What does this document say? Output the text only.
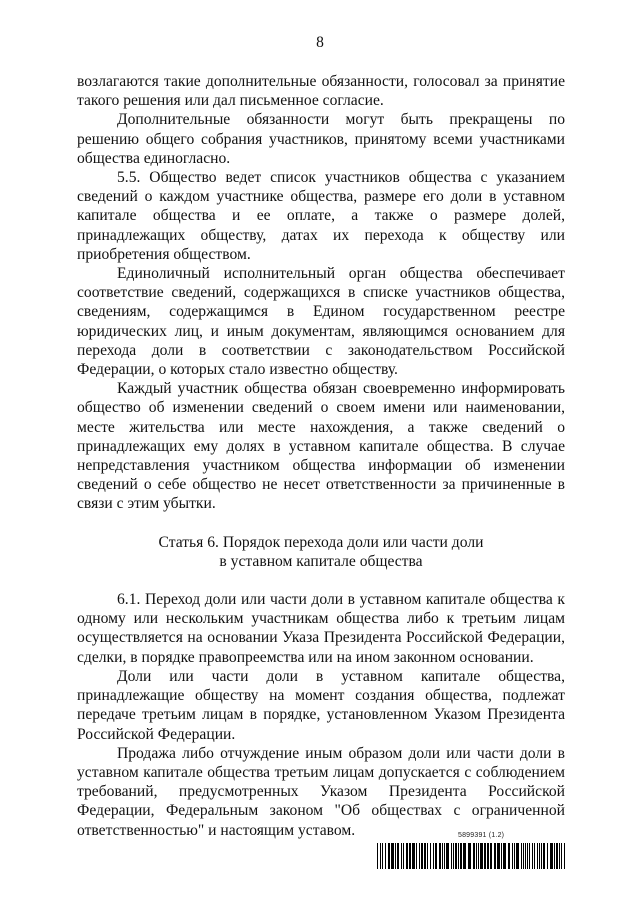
8

возлагаются такие дополнительные обязанности, голосовал за принятие такого решения или дал письменное согласие.

Дополнительные обязанности могут быть прекращены по решению общего собрания участников, принятому всеми участниками общества единогласно.

5.5. Общество ведет список участников общества с указанием сведений о каждом участнике общества, размере его доли в уставном капитале общества и ее оплате, а также о размере долей, принадлежащих обществу, датах их перехода к обществу или приобретения обществом.

Единоличный исполнительный орган общества обеспечивает соответствие сведений, содержащихся в списке участников общества, сведениям, содержащимся в Едином государственном реестре юридических лиц, и иным документам, являющимся основанием для перехода доли в соответствии с законодательством Российской Федерации, о которых стало известно обществу.

Каждый участник общества обязан своевременно информировать общество об изменении сведений о своем имени или наименовании, месте жительства или месте нахождения, а также сведений о принадлежащих ему долях в уставном капитале общества. В случае непредставления участником общества информации об изменении сведений о себе общество не несет ответственности за причиненные в связи с этим убытки.

Статья 6. Порядок перехода доли или части доли
в уставном капитале общества

6.1. Переход доли или части доли в уставном капитале общества к одному или нескольким участникам общества либо к третьим лицам осуществляется на основании Указа Президента Российской Федерации, сделки, в порядке правопреемства или на ином законном основании.

Доли или части доли в уставном капитале общества, принадлежащие обществу на момент создания общества, подлежат передаче третьим лицам в порядке, установленном Указом Президента Российской Федерации.

Продажа либо отчуждение иным образом доли или части доли в уставном капитале общества третьим лицам допускается с соблюдением требований, предусмотренных Указом Президента Российской Федерации, Федеральным законом "Об обществах с ограниченной ответственностью" и настоящим уставом.	5899391 (1.2)
